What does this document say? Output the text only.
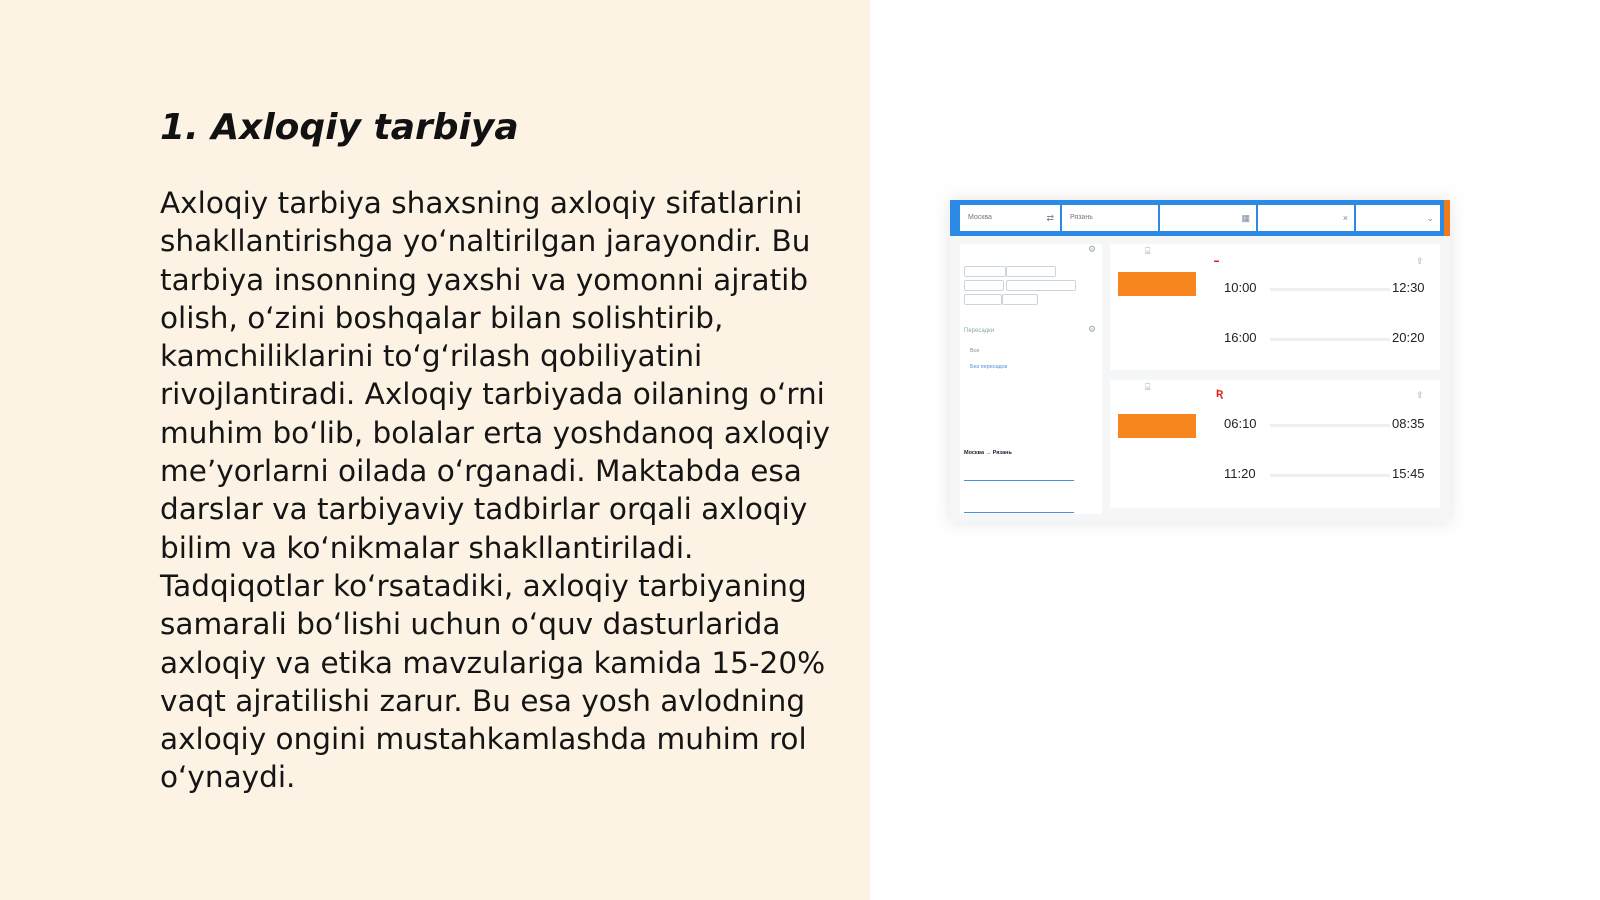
1. Axloqiy tarbiya

Axloqiy tarbiya shaxsning axloqiy sifatlarini shakllantirishga yo‘naltirilgan jarayondir. Bu tarbiya insonning yaxshi va yomonni ajratib olish, o‘zini boshqalar bilan solishtirib, kamchiliklarini to‘g‘rilash qobiliyatini rivojlantiradi. Axloqiy tarbiyada oilaning o‘rni muhim bo‘lib, bolalar erta yoshdanoq axloqiy me’yorlarni oilada o‘rganadi. Maktabda esa darslar va tarbiyaviy tadbirlar orqali axloqiy bilim va ko‘nikmalar shakllantiriladi. Tadqiqotlar ko‘rsatadiki, axloqiy tarbiyaning samarali bo‘lishi uchun o‘quv dasturlarida axloqiy va etika mavzulariga kamida 15-20% vaqt ajratilishi zarur. Bu esa yosh avlodning axloqiy ongini mustahkamlashda muhim rol o‘ynaydi.

Москва	⇄	Рязань	▦	×	⌄
⚙
Пересадки	⚙
Все
Без пересадок
Москва → Рязань
⌸
⇪
▬
10:00	12:30
16:00	20:20
⌸
Ʀ	⇪
06:10	08:35
11:20	15:45
